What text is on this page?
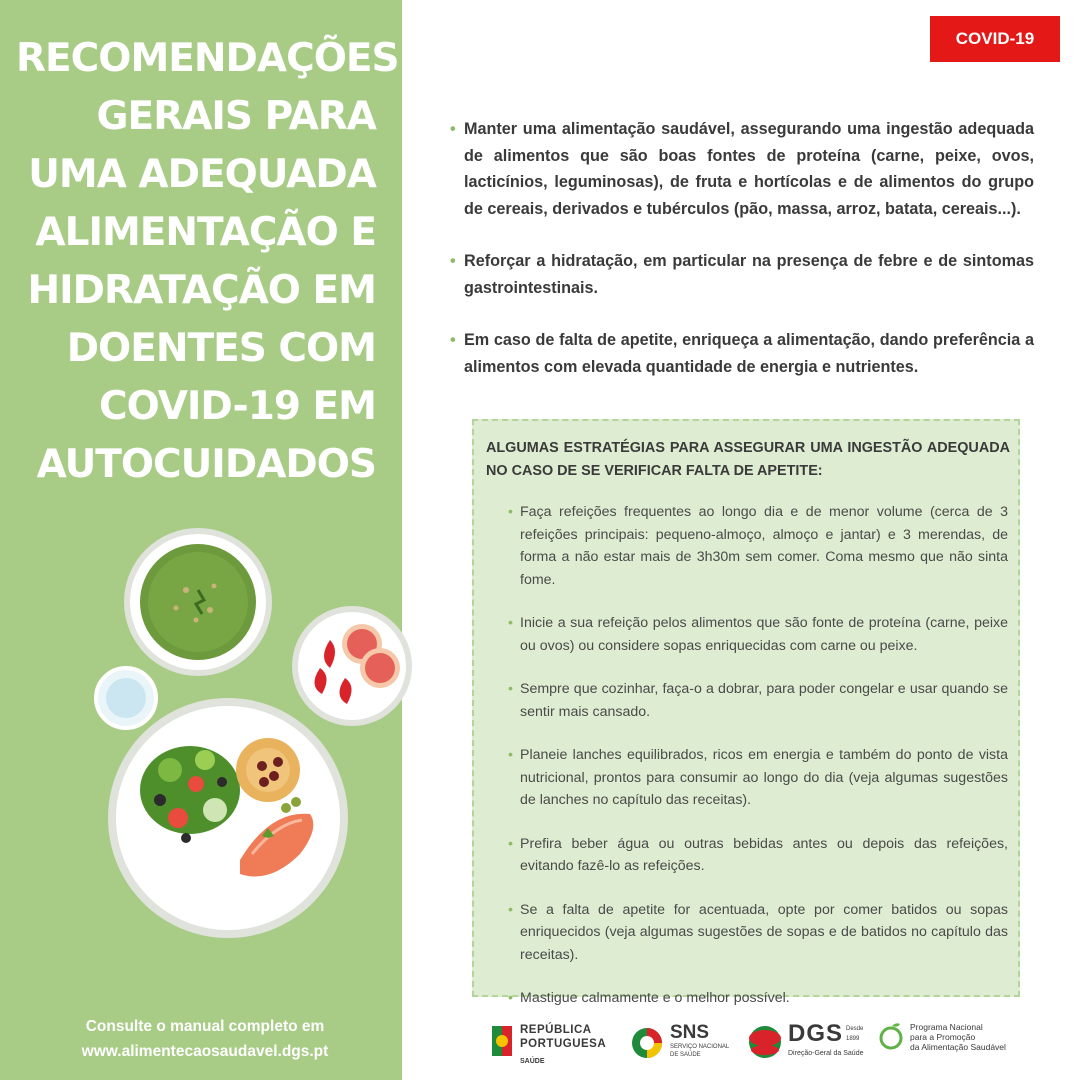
RECOMENDAÇÕES
GERAIS PARA
UMA ADEQUADA
ALIMENTAÇÃO E
HIDRATAÇÃO EM
DOENTES COM
COVID-19 EM
AUTOCUIDADOS
Consulte o manual completo em
www.alimentecaosaudavel.dgs.pt
COVID-19
• Manter uma alimentação saudável, assegurando uma ingestão adequada de alimentos que são boas fontes de proteína (carne, peixe, ovos, lacticínios, leguminosas), de fruta e hortícolas e de alimentos do grupo de cereais, derivados e tubérculos (pão, massa, arroz, batata, cereais...).
• Reforçar a hidratação, em particular na presença de febre e de sintomas gastrointestinais.
• Em caso de falta de apetite, enriqueça a alimentação, dando preferência a alimentos com elevada quantidade de energia e nutrientes.
ALGUMAS ESTRATÉGIAS PARA ASSEGURAR UMA INGESTÃO ADEQUADA NO CASO DE SE VERIFICAR FALTA DE APETITE:
• Faça refeições frequentes ao longo dia e de menor volume (cerca de 3 refeições principais: pequeno-almoço, almoço e jantar) e 3 merendas, de forma a não estar mais de 3h30m sem comer. Coma mesmo que não sinta fome.
• Inicie a sua refeição pelos alimentos que são fonte de proteína (carne, peixe ou ovos) ou considere sopas enriquecidas com carne ou peixe.
• Sempre que cozinhar, faça-o a dobrar, para poder congelar e usar quando se sentir mais cansado.
• Planeie lanches equilibrados, ricos em energia e também do ponto de vista nutricional, prontos para consumir ao longo do dia (veja algumas sugestões de lanches no capítulo das receitas).
• Prefira beber água ou outras bebidas antes ou depois das refeições, evitando fazê-lo as refeições.
• Se a falta de apetite for acentuada, opte por comer batidos ou sopas enriquecidos (veja algumas sugestões de sopas e de batidos no capítulo das receitas).
• Mastigue calmamente e o melhor possível.
REPÚBLICA
PORTUGUESA
SAÚDE
SNS
SERVIÇO NACIONAL
DE SAÚDE
DGS Desde
1899
Direção-Geral da Saúde
Programa Nacional
para a Promoção
da Alimentação Saudável
